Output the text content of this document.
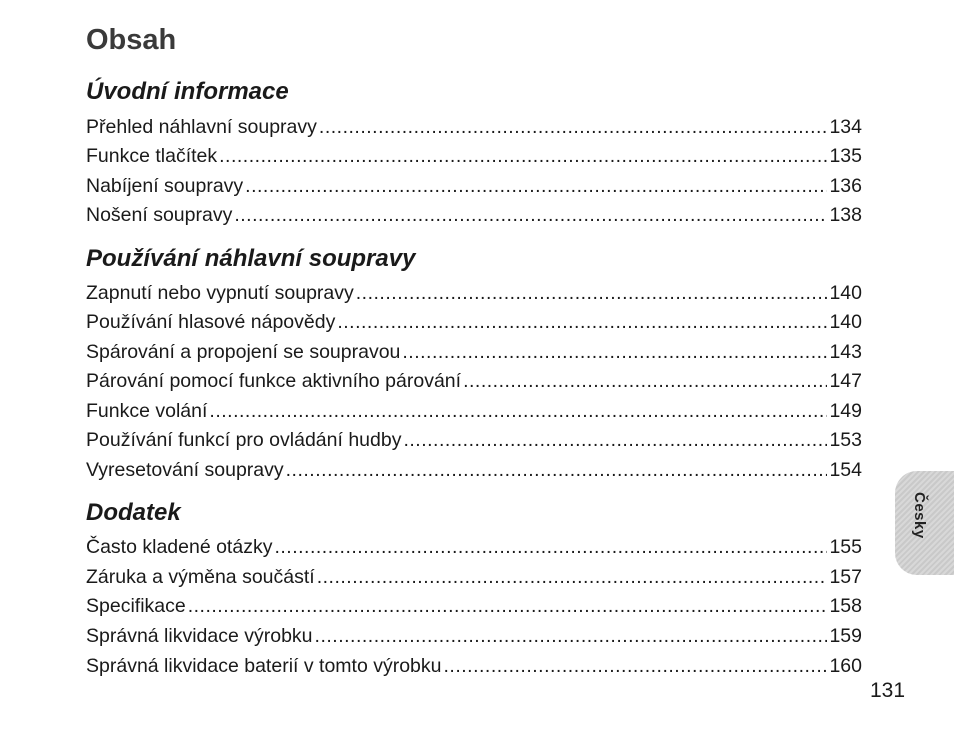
Obsah
Úvodní informace
Přehled náhlavní soupravy .....	134
Funkce tlačítek .....	135
Nabíjení soupravy .....	136
Nošení soupravy .....	138
Používání náhlavní soupravy
Zapnutí nebo vypnutí soupravy .....	140
Používání hlasové nápovědy .....	140
Spárování a propojení se soupravou .....	143
Párování pomocí funkce aktivního párování .....	147
Funkce volání .....	149
Používání funkcí pro ovládání hudby .....	153
Vyresetování soupravy .....	154
Dodatek
Často kladené otázky .....	155
Záruka a výměna součástí .....	157
Specifikace .....	158
Správná likvidace výrobku .....	159
Správná likvidace baterií v tomto výrobku .....	160
Česky
131
